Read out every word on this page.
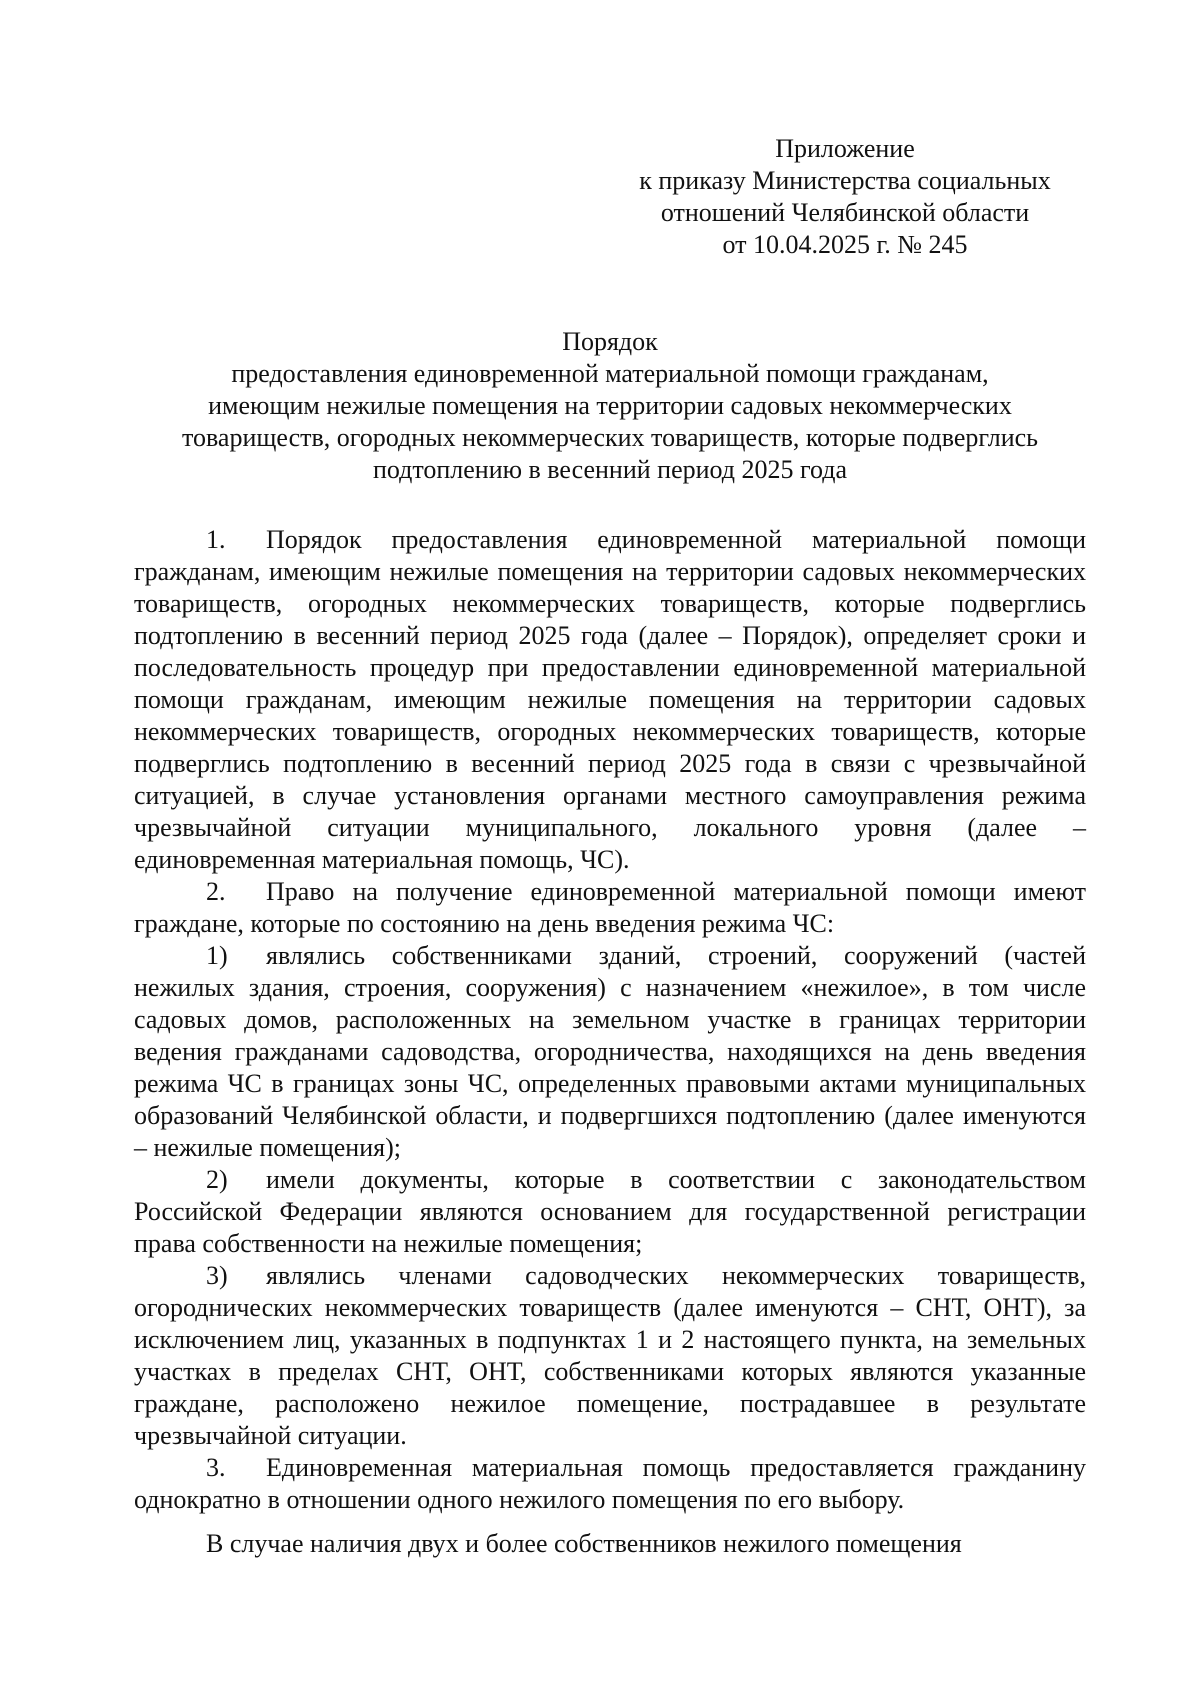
Приложение
к приказу Министерства социальных
отношений Челябинской области
от 10.04.2025 г. № 245
Порядок
предоставления единовременной материальной помощи гражданам,
имеющим нежилые помещения на территории садовых некоммерческих
товариществ, огородных некоммерческих товариществ, которые подверглись
подтоплению в весенний период 2025 года

1. Порядок предоставления единовременной материальной помощи гражданам, имеющим нежилые помещения на территории садовых некоммерческих товариществ, огородных некоммерческих товариществ, которые подверглись подтоплению в весенний период 2025 года (далее – Порядок), определяет сроки и последовательность процедур при предоставлении единовременной материальной помощи гражданам, имеющим нежилые помещения на территории садовых некоммерческих товариществ, огородных некоммерческих товариществ, которые подверглись подтоплению в весенний период 2025 года в связи с чрезвычайной ситуацией, в случае установления органами местного самоуправления режима чрезвычайной ситуации муниципального, локального уровня (далее – единовременная материальная помощь, ЧС).

2. Право на получение единовременной материальной помощи имеют граждане, которые по состоянию на день введения режима ЧС:

1) являлись собственниками зданий, строений, сооружений (частей нежилых здания, строения, сооружения) с назначением «нежилое», в том числе садовых домов, расположенных на земельном участке в границах территории ведения гражданами садоводства, огородничества, находящихся на день введения режима ЧС в границах зоны ЧС, определенных правовыми актами муниципальных образований Челябинской области, и подвергшихся подтоплению (далее именуются – нежилые помещения);

2) имели документы, которые в соответствии с законодательством Российской Федерации являются основанием для государственной регистрации права собственности на нежилые помещения;

3) являлись членами садоводческих некоммерческих товариществ, огороднических некоммерческих товариществ (далее именуются – СНТ, ОНТ), за исключением лиц, указанных в подпунктах 1 и 2 настоящего пункта, на земельных участках в пределах СНТ, ОНТ, собственниками которых являются указанные граждане, расположено нежилое помещение, пострадавшее в результате чрезвычайной ситуации.

3. Единовременная материальная помощь предоставляется гражданину однократно в отношении одного нежилого помещения по его выбору.

В случае наличия двух и более собственников нежилого помещения
